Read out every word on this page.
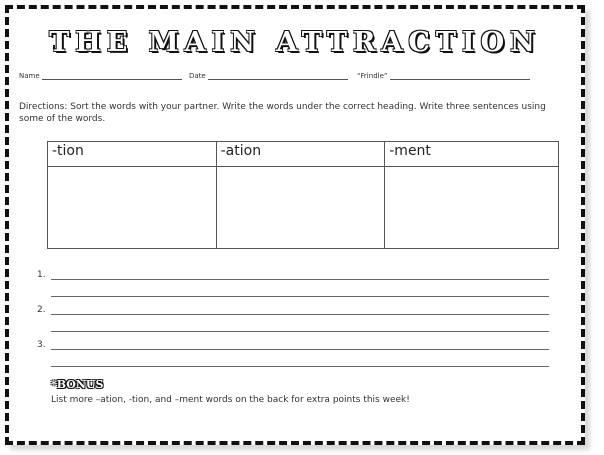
THE MAIN ATTRACTION
Name	Date	“Frindle”
Directions: Sort the words with your partner. Write the words under the correct heading. Write three sentences using some of the words.
-tion	-ation	-ment

1.
2.
3.
*BONUS
List more –ation, -tion, and –ment words on the back for extra points this week!
